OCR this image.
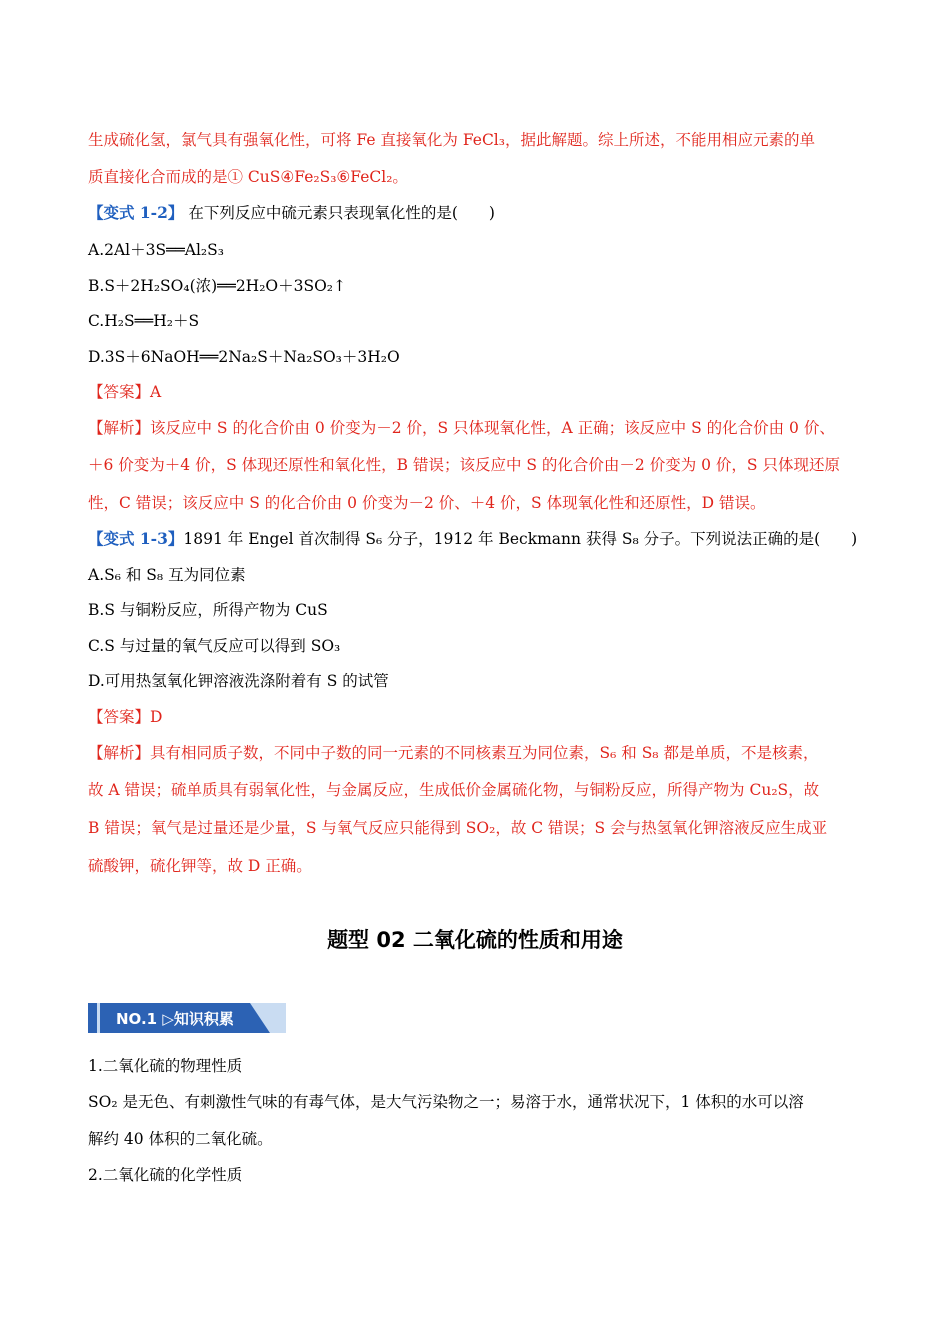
生成硫化氢，氯气具有强氧化性，可将 Fe 直接氧化为 FeCl₃，据此解题。综上所述，不能用相应元素的单
质直接化合而成的是① CuS④Fe₂S₃⑥FeCl₂。
【变式 1-2】 在下列反应中硫元素只表现氧化性的是(　　)
A.2Al＋3S══Al₂S₃
B.S＋2H₂SO₄(浓)══2H₂O＋3SO₂↑
C.H₂S══H₂＋S
D.3S＋6NaOH══2Na₂S＋Na₂SO₃＋3H₂O
【答案】A
【解析】该反应中 S 的化合价由 0 价变为－2 价，S 只体现氧化性，A 正确；该反应中 S 的化合价由 0 价、
＋6 价变为＋4 价，S 体现还原性和氧化性，B 错误；该反应中 S 的化合价由－2 价变为 0 价，S 只体现还原
性，C 错误；该反应中 S 的化合价由 0 价变为－2 价、＋4 价，S 体现氧化性和还原性，D 错误。
【变式 1-3】1891 年 Engel 首次制得 S₆ 分子，1912 年 Beckmann 获得 S₈ 分子。下列说法正确的是(　　)
A.S₆ 和 S₈ 互为同位素
B.S 与铜粉反应，所得产物为 CuS
C.S 与过量的氧气反应可以得到 SO₃
D.可用热氢氧化钾溶液洗涤附着有 S 的试管
【答案】D
【解析】具有相同质子数，不同中子数的同一元素的不同核素互为同位素，S₆ 和 S₈ 都是单质，不是核素，
故 A 错误；硫单质具有弱氧化性，与金属反应，生成低价金属硫化物，与铜粉反应，所得产物为 Cu₂S，故
B 错误；氧气是过量还是少量，S 与氧气反应只能得到 SO₂，故 C 错误；S 会与热氢氧化钾溶液反应生成亚
硫酸钾，硫化钾等，故 D 正确。
题型 02 二氧化硫的性质和用途
NO.1 ▷知识积累
1.二氧化硫的物理性质
SO₂ 是无色、有刺激性气味的有毒气体，是大气污染物之一；易溶于水，通常状况下，1 体积的水可以溶
解约 40 体积的二氧化硫。
2.二氧化硫的化学性质
